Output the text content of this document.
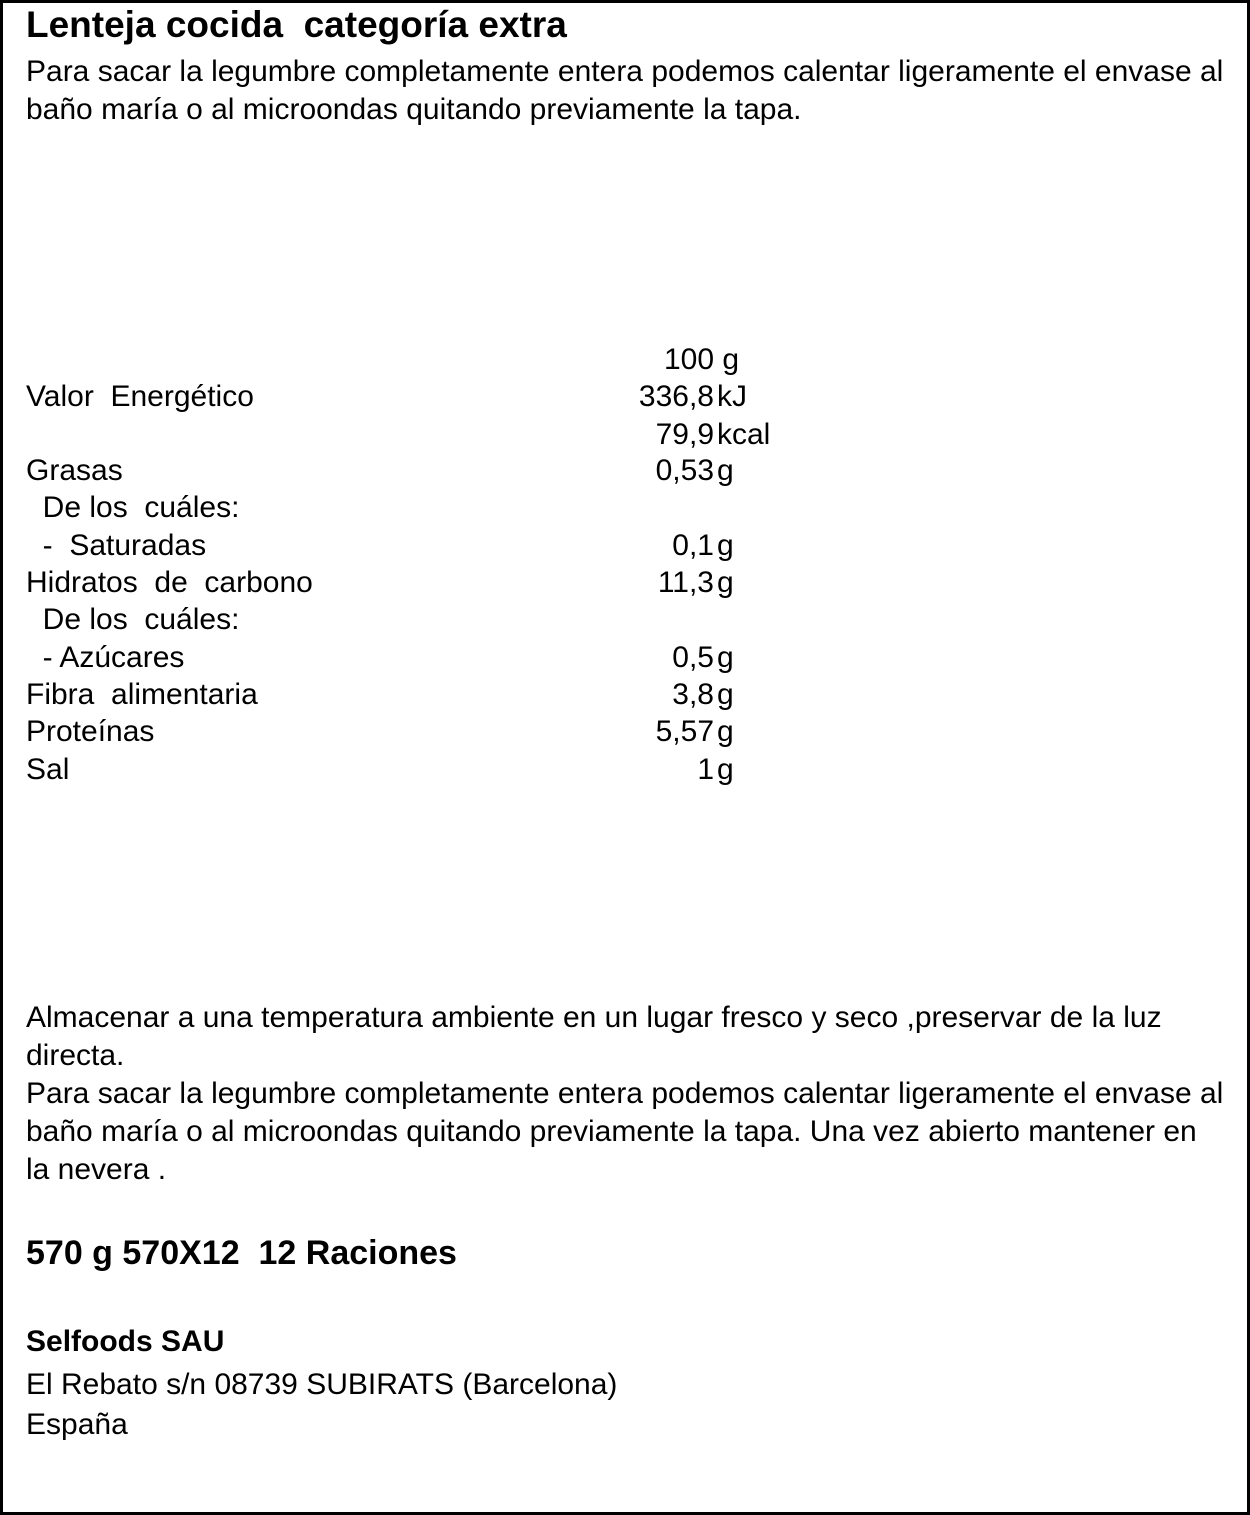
Lenteja cocida  categoría extra

Para sacar la legumbre completamente entera podemos calentar ligeramente el envase al baño maría o al microondas quitando previamente la tapa.

100 g
Valor  Energético	336,8 kJ
79,9 kcal
Grasas	0,53 g
De los  cuáles:
-  Saturadas	0,1 g
Hidratos  de  carbono	11,3 g
De los  cuáles:
- Azúcares	0,5 g
Fibra  alimentaria	3,8 g
Proteínas	5,57 g
Sal	1 g
Almacenar a una temperatura ambiente en un lugar fresco y seco ,preservar de la luz directa.
Para sacar la legumbre completamente entera podemos calentar ligeramente el envase al baño maría o al microondas quitando previamente la tapa. Una vez abierto mantener en la nevera .
570 g 570X12  12 Raciones
Selfoods SAU
El Rebato s/n 08739 SUBIRATS (Barcelona)
España
